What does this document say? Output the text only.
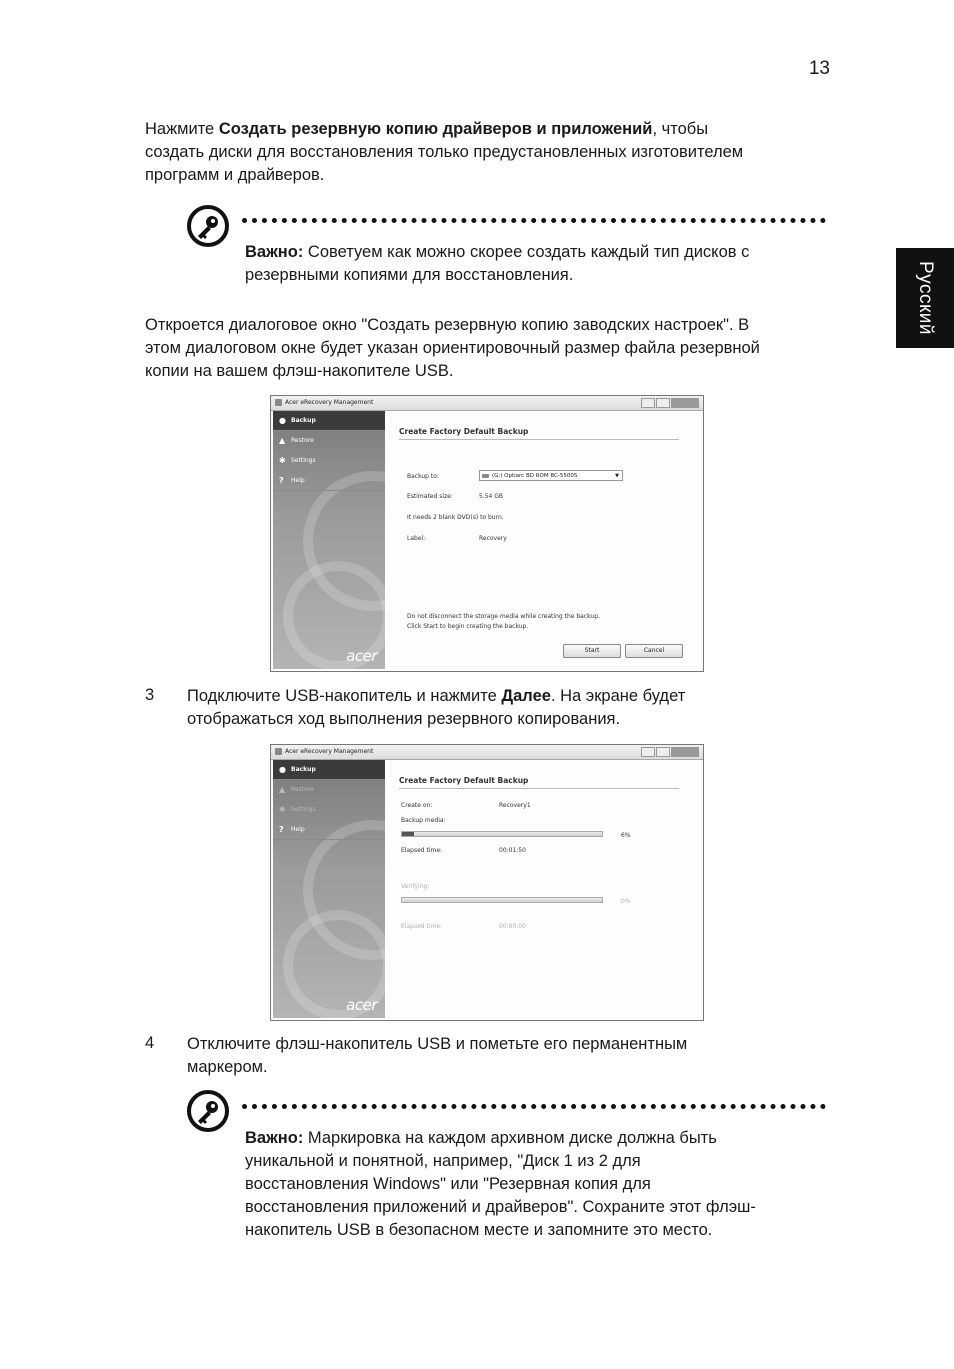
13
Русский
Нажмите Создать резервную копию драйверов и приложений, чтобы
создать диски для восстановления только предустановленных изготовителем
программ и драйверов.
Важно: Советуем как можно скорее создать каждый тип дисков с
резервными копиями для восстановления.
Откроется диалоговое окно "Создать резервную копию заводских настроек". В
этом диалоговом окне будет указан ориентировочный размер файла резервной
копии на вашем флэш-накопителе USB.
Acer eRecovery Management
● Backup
▲ Restore
✱ Settings
? Help
acer
Create Factory Default Backup
Backup to:	(G:) Optiarc BD ROM BC-5500S	▼
Estimated size:	5.54 GB
It needs 2 blank DVD(s) to burn.
Label:	Recovery
Do not disconnect the storage media while creating the backup.
Click Start to begin creating the backup.
Start	Cancel
3 Подключите USB-накопитель и нажмите Далее. На экране будет
отображаться ход выполнения резервного копирования.
Acer eRecovery Management
● Backup
▲ Restore
✱ Settings
? Help
acer
Create Factory Default Backup
Create on:	Recovery1
Backup media:
6%
Elapsed time:	00:01:50
Verifying:
0%
Elapsed time:	00:00:00
4 Отключите флэш-накопитель USB и пометьте его перманентным
маркером.
Важно: Маркировка на каждом архивном диске должна быть
уникальной и понятной, например, "Диск 1 из 2 для
восстановления Windows" или "Резервная копия для
восстановления приложений и драйверов". Сохраните этот флэш-
накопитель USB в безопасном месте и запомните это место.
